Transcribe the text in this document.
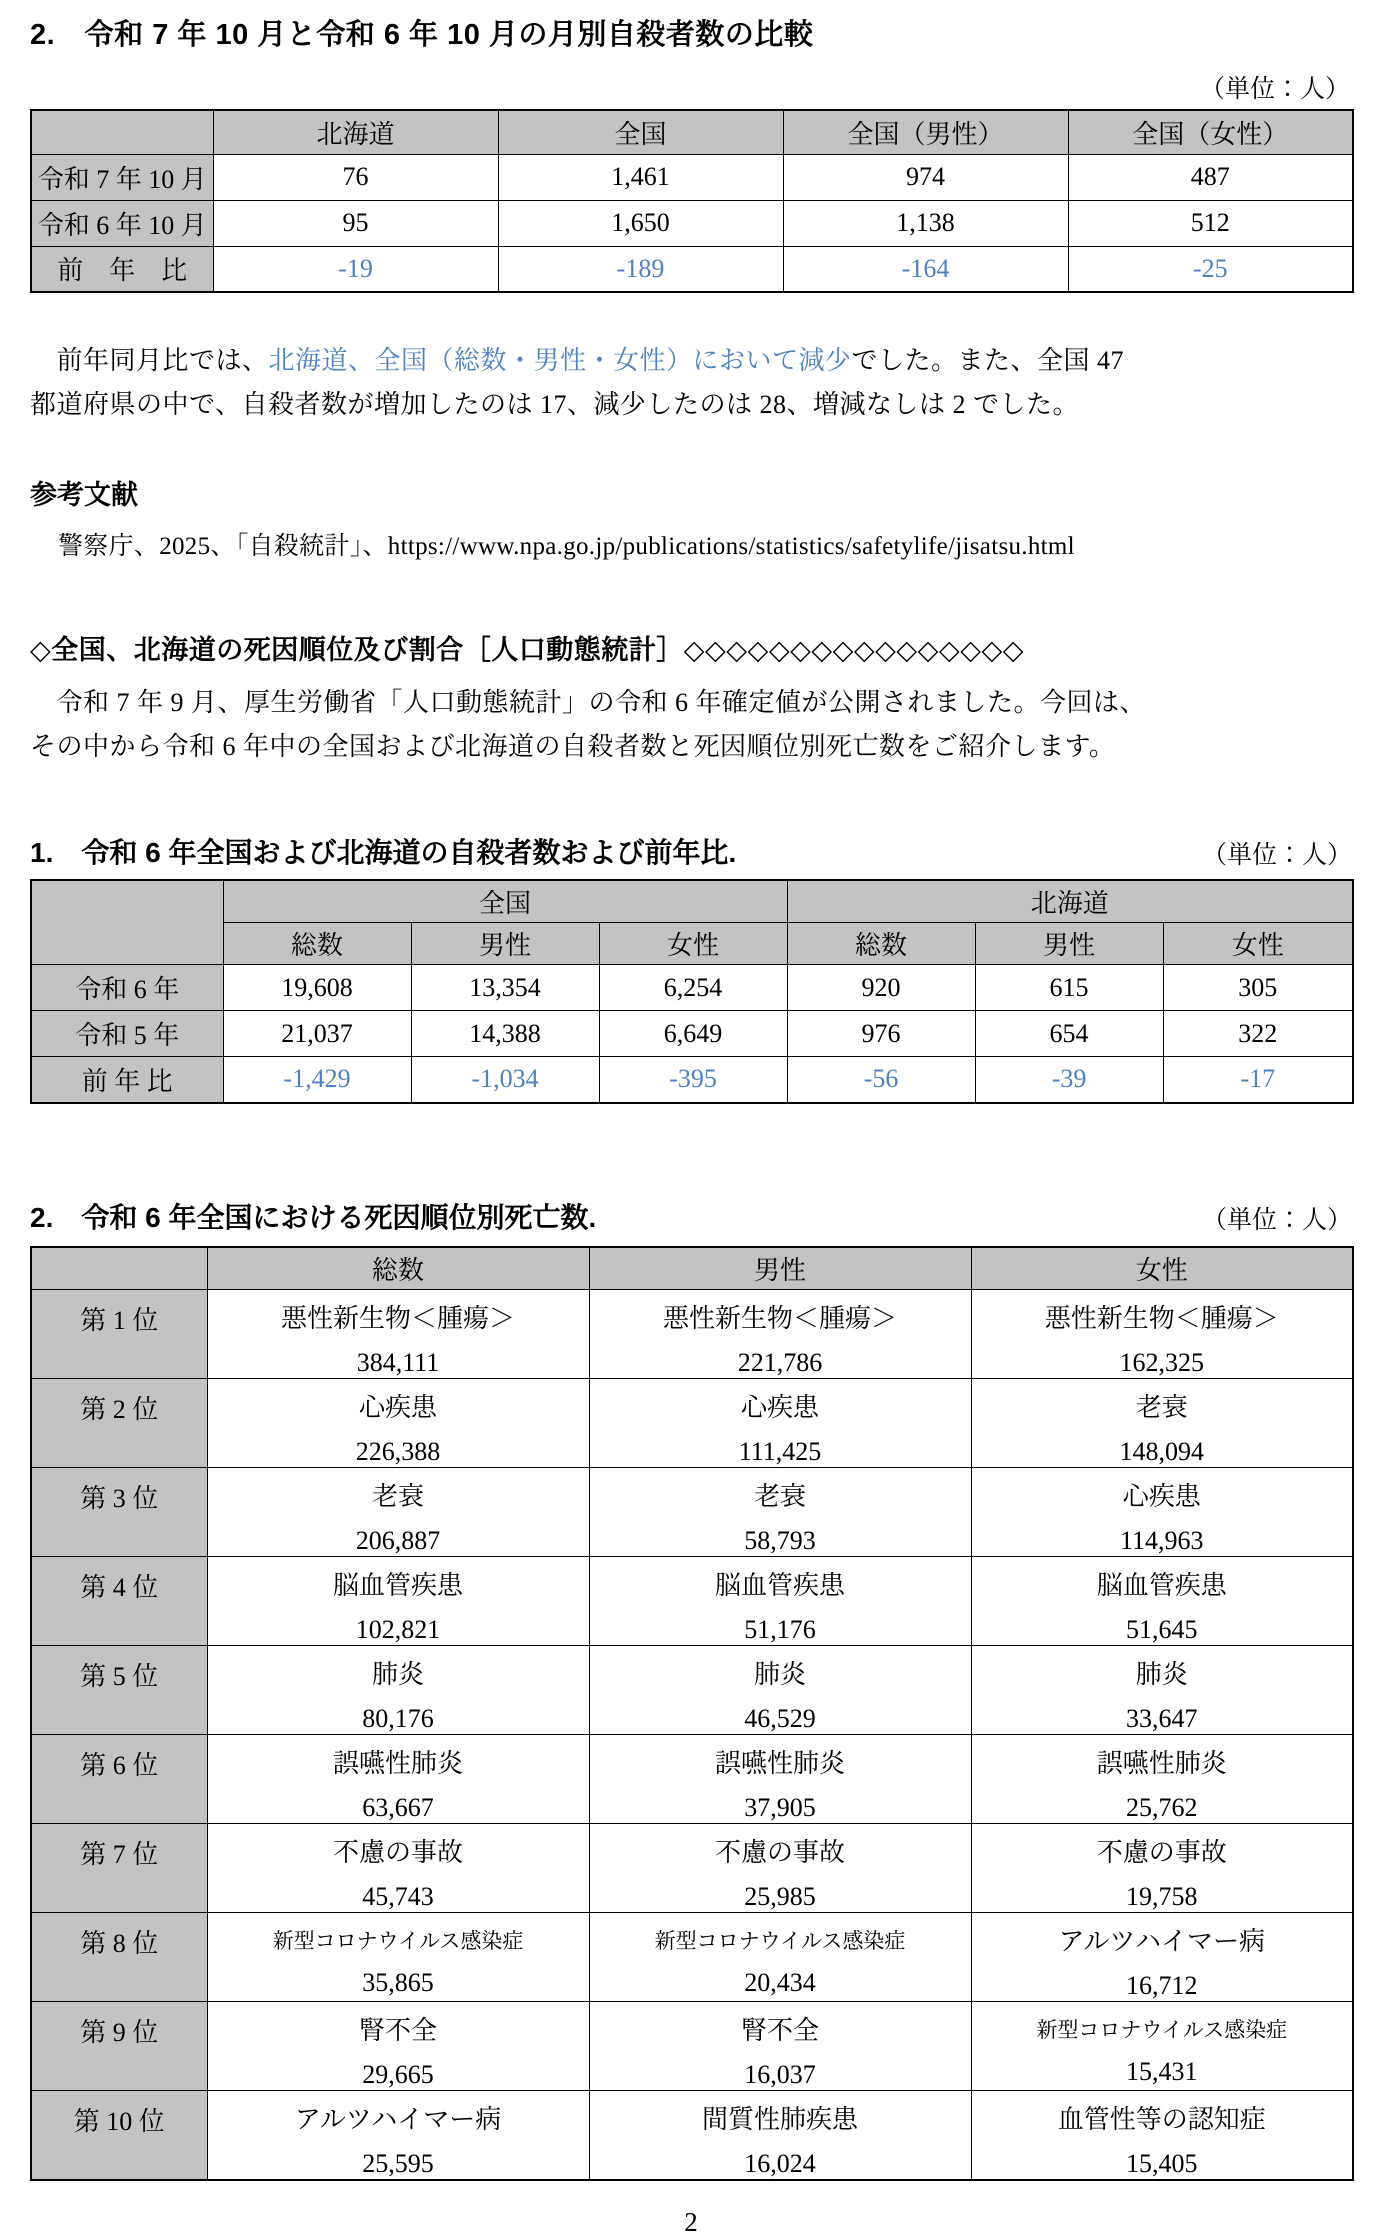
2.　令和 7 年 10 月と令和 6 年 10 月の月別自殺者数の比較
（単位：人）
	北海道	全国	全国（男性）	全国（女性）
令和 7 年 10 月	76	1,461	974	487
令和 6 年 10 月	95	1,650	1,138	512
前　年　比	-19	-189	-164	-25

　前年同月比では、北海道、全国（総数・男性・女性）において減少でした。また、全国 47

都道府県の中で、自殺者数が増加したのは 17、減少したのは 28、増減なしは 2 でした。

参考文献

警察庁、2025、「自殺統計」、https://www.npa.go.jp/publications/statistics/safetylife/jisatsu.html

◇全国、北海道の死因順位及び割合［人口動態統計］◇◇◇◇◇◇◇◇◇◇◇◇◇◇◇◇

　令和 7 年 9 月、厚生労働省「人口動態統計」の令和 6 年確定値が公開されました。今回は、

その中から令和 6 年中の全国および北海道の自殺者数と死因順位別死亡数をご紹介します。

1.　令和 6 年全国および北海道の自殺者数および前年比.	（単位：人）
	全国			北海道		
	総数	男性	女性	総数	男性	女性
令和 6 年	19,608	13,354	6,254	920	615	305
令和 5 年	21,037	14,388	6,649	976	654	322
前 年 比	-1,429	-1,034	-395	-56	-39	-17
2.　令和 6 年全国における死因順位別死亡数.	（単位：人）
	総数	男性	女性
第 1 位	悪性新生物＜腫瘍＞
384,111

悪性新生物＜腫瘍＞
221,786

悪性新生物＜腫瘍＞
162,325

第 2 位	心疾患
226,388

心疾患
111,425

老衰
148,094

第 3 位	老衰
206,887

老衰
58,793

心疾患
114,963

第 4 位	脳血管疾患
102,821

脳血管疾患
51,176

脳血管疾患
51,645

第 5 位	肺炎
80,176

肺炎
46,529

肺炎
33,647

第 6 位	誤嚥性肺炎
63,667

誤嚥性肺炎
37,905

誤嚥性肺炎
25,762

第 7 位	不慮の事故
45,743

不慮の事故
25,985

不慮の事故
19,758

第 8 位	新型コロナウイルス感染症
35,865

新型コロナウイルス感染症
20,434

アルツハイマー病
16,712

第 9 位	腎不全
29,665

腎不全
16,037

新型コロナウイルス感染症
15,431

第 10 位	アルツハイマー病
25,595

間質性肺疾患
16,024

血管性等の認知症
15,405
2
